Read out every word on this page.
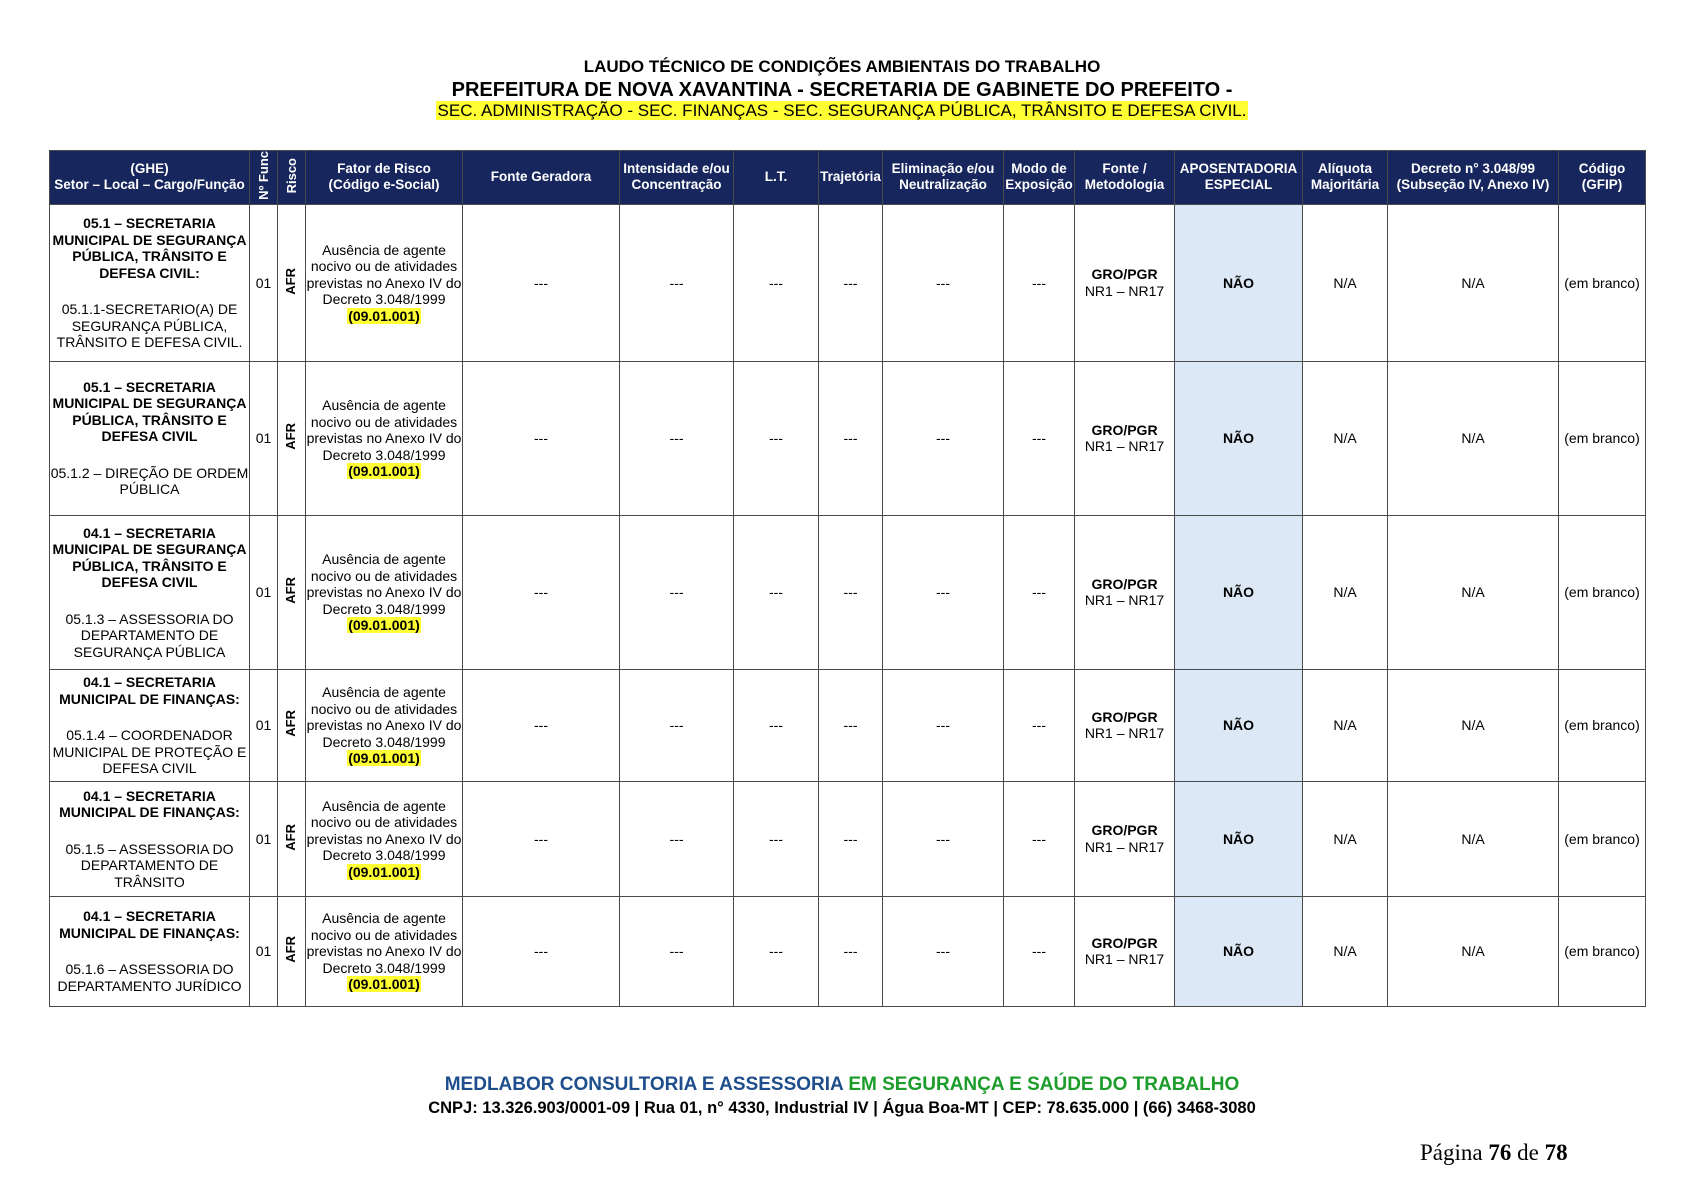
LAUDO TÉCNICO DE CONDIÇÕES AMBIENTAIS DO TRABALHO
PREFEITURA DE NOVA XAVANTINA - SECRETARIA DE GABINETE DO PREFEITO -
SEC. ADMINISTRAÇÃO - SEC. FINANÇAS - SEC. SEGURANÇA PÚBLICA, TRÂNSITO E DEFESA CIVIL.
(GHE)
Setor – Local – Cargo/Função	Nº Func	Risco	Fator de Risco
(Código e-Social)	Fonte Geradora	Intensidade e/ou
Concentração	L.T.	Trajetória	Eliminação e/ou
Neutralização	Modo de
Exposição	Fonte /
Metodologia	APOSENTADORIA
ESPECIAL	Alíquota
Majoritária	Decreto n° 3.048/99
(Subseção IV, Anexo IV)	Código
(GFIP)

05.1 – SECRETARIA MUNICIPAL DE SEGURANÇA PÚBLICA, TRÂNSITO E DEFESA CIVIL:
05.1.1-SECRETARIO(A) DE SEGURANÇA PÚBLICA, TRÂNSITO E DEFESA CIVIL.	01	AFR	Ausência de agente nocivo ou de atividades previstas no Anexo IV do Decreto 3.048/1999
(09.01.001)	---	---	---	---	---	---	GRO/PGR
NR1 – NR17	NÃO	N/A	N/A	(em branco)

05.1 – SECRETARIA MUNICIPAL DE SEGURANÇA PÚBLICA, TRÂNSITO E DEFESA CIVIL
05.1.2 – DIREÇÃO DE ORDEM PÚBLICA	01	AFR	Ausência de agente nocivo ou de atividades previstas no Anexo IV do Decreto 3.048/1999
(09.01.001)	---	---	---	---	---	---	GRO/PGR
NR1 – NR17	NÃO	N/A	N/A	(em branco)

04.1 – SECRETARIA MUNICIPAL DE SEGURANÇA PÚBLICA, TRÂNSITO E DEFESA CIVIL
05.1.3 – ASSESSORIA DO DEPARTAMENTO DE SEGURANÇA PÚBLICA	01	AFR	Ausência de agente nocivo ou de atividades previstas no Anexo IV do Decreto 3.048/1999
(09.01.001)	---	---	---	---	---	---	GRO/PGR
NR1 – NR17	NÃO	N/A	N/A	(em branco)

04.1 – SECRETARIA MUNICIPAL DE FINANÇAS:
05.1.4 – COORDENADOR MUNICIPAL DE PROTEÇÃO E DEFESA CIVIL	01	AFR	Ausência de agente nocivo ou de atividades previstas no Anexo IV do Decreto 3.048/1999
(09.01.001)	---	---	---	---	---	---	GRO/PGR
NR1 – NR17	NÃO	N/A	N/A	(em branco)

04.1 – SECRETARIA MUNICIPAL DE FINANÇAS:
05.1.5 – ASSESSORIA DO DEPARTAMENTO DE TRÂNSITO	01	AFR	Ausência de agente nocivo ou de atividades previstas no Anexo IV do Decreto 3.048/1999
(09.01.001)	---	---	---	---	---	---	GRO/PGR
NR1 – NR17	NÃO	N/A	N/A	(em branco)

04.1 – SECRETARIA MUNICIPAL DE FINANÇAS:
05.1.6 – ASSESSORIA DO DEPARTAMENTO JURÍDICO	01	AFR	Ausência de agente nocivo ou de atividades previstas no Anexo IV do Decreto 3.048/1999
(09.01.001)	---	---	---	---	---	---	GRO/PGR
NR1 – NR17	NÃO	N/A	N/A	(em branco)
MEDLABOR CONSULTORIA E ASSESSORIA EM SEGURANÇA E SAÚDE DO TRABALHO
CNPJ: 13.326.903/0001-09 | Rua 01, n° 4330, Industrial IV | Água Boa-MT | CEP: 78.635.000 | (66) 3468-3080
Página 76 de 78
